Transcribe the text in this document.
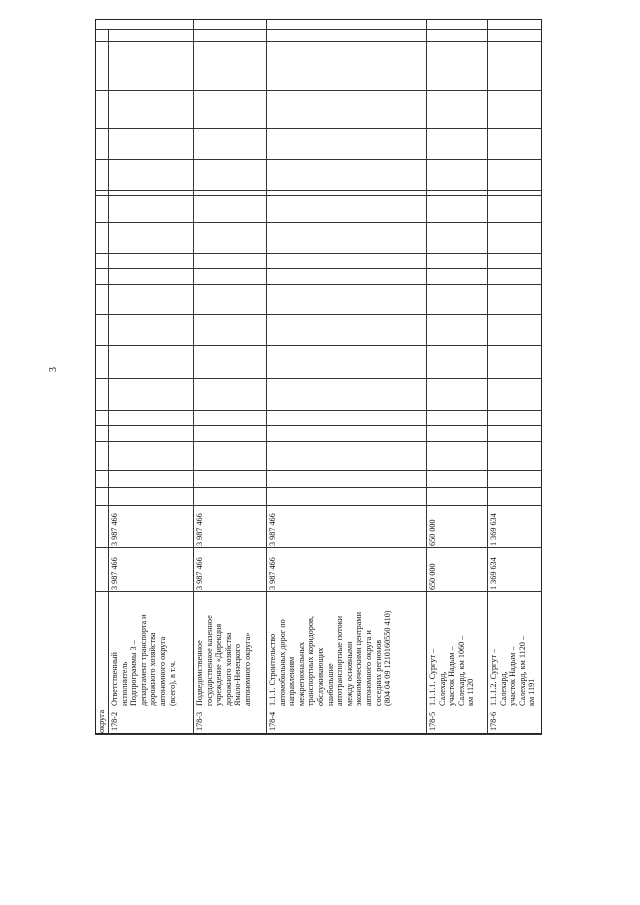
3
округа 178-2
Ответственный
исполнитель
Подпрограммы 3 –
департамент транспорта и
дорожного хозяйства
автономного округа
(всего), в т.ч.
3 987 466
3 987 466
178-3
Подведомственное
государственное казенное
учреждение «Дирекция
дорожного хозяйства
Ямало-Ненецкого
автономного округа»
3 987 466
3 987 466
178-4
1.1.1. Строительство
автомобильных дорог по
направлениям
межрегиональных
транспортных коридоров,
обслуживающих
наибольшие
автотранспортные потоки
между основными
экономическими центрами
автономного округа и
соседних регионов
(804 04 09 1210160550 410)
3 987 466
3 987 466
178-5
1.1.1.1. Сургут –
Салехард,
участок Надым –
Салехард, км 1060 –
км 1120
650 000
650 000
178-6
1.1.1.2. Сургут –
Салехард,
участок Надым –
Салехард, км 1120 –
км 1191
1 369 634
1 369 634
